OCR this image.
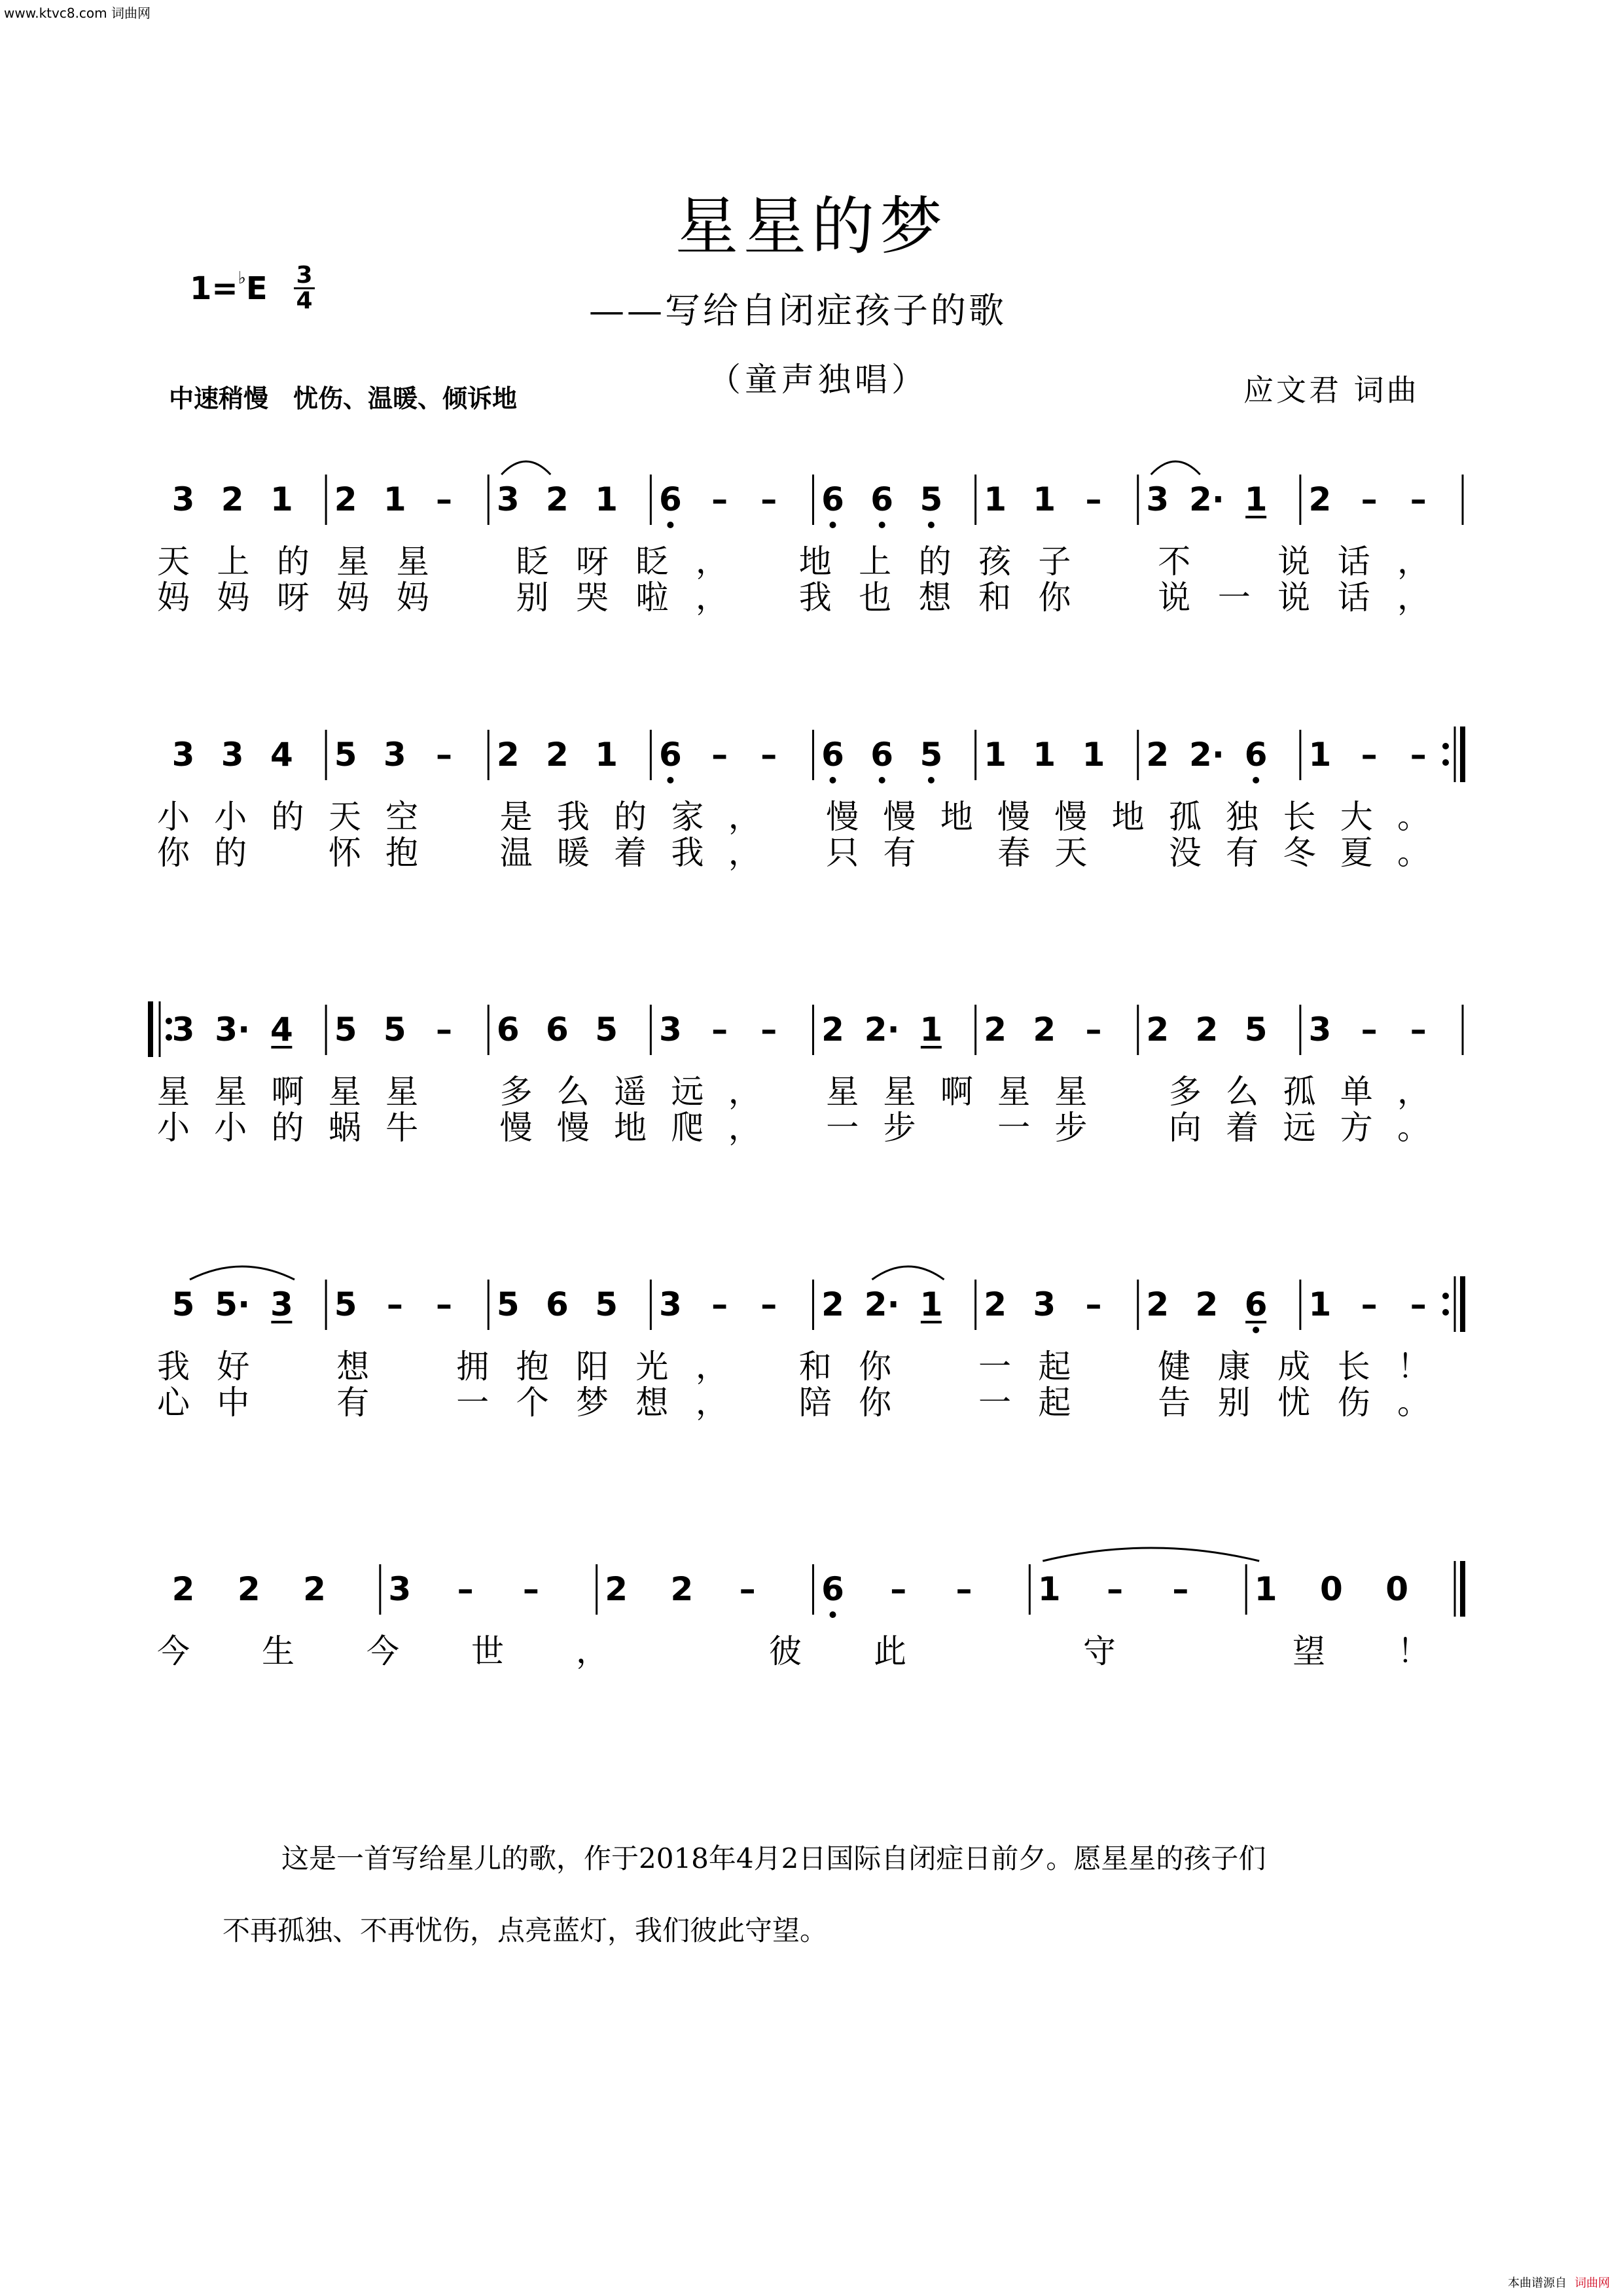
www.ktvc8.com 词曲网
星星的梦
——写给自闭症孩子的歌
（童声独唱）
1=♭E 3
4
中速稍慢　忧伤、温暖、倾诉地	应文君 词曲
3 2 1 2 1 – 3 2 1 6 – – 6 6 5 1 1 – 3 2· 1 2 – –
天上的星星　眨呀眨，　地上的孩子　不　说话，
妈妈呀妈妈　别哭啦，　我也想和你　说一说话，
3 3 4 5 3 – 2 2 1 6 – – 6 6 5 1 1 1 2 2· 6 1 – –
小小的天空　是我的家，　慢慢地慢慢地孤独长大。
你的　怀抱　温暖着我，　只有　春天　没有冬夏。
3 3· 4 5 5 – 6 6 5 3 – – 2 2· 1 2 2 – 2 2 5 3 – –
星星啊星星　多么遥远，　星星啊星星　多么孤单，
小小的蜗牛　慢慢地爬，　一步　一步　向着远方。
5 5· 3 5 – – 5 6 5 3 – – 2 2· 1 2 3 – 2 2 6 1 – –
我好　想　拥抱阳光，　和你　一起　健康成长！
心中　有　一个梦想，　陪你　一起　告别忧伤。
2 2 2 3 – – 2 2 – 6 – – 1 – – 1 0 0
今生今世，　彼此　守　望！
这是一首写给星儿的歌，作于2018年4月2日国际自闭症日前夕。愿星星的孩子们
不再孤独、不再忧伤，点亮蓝灯，我们彼此守望。
本曲谱源自 词曲网
